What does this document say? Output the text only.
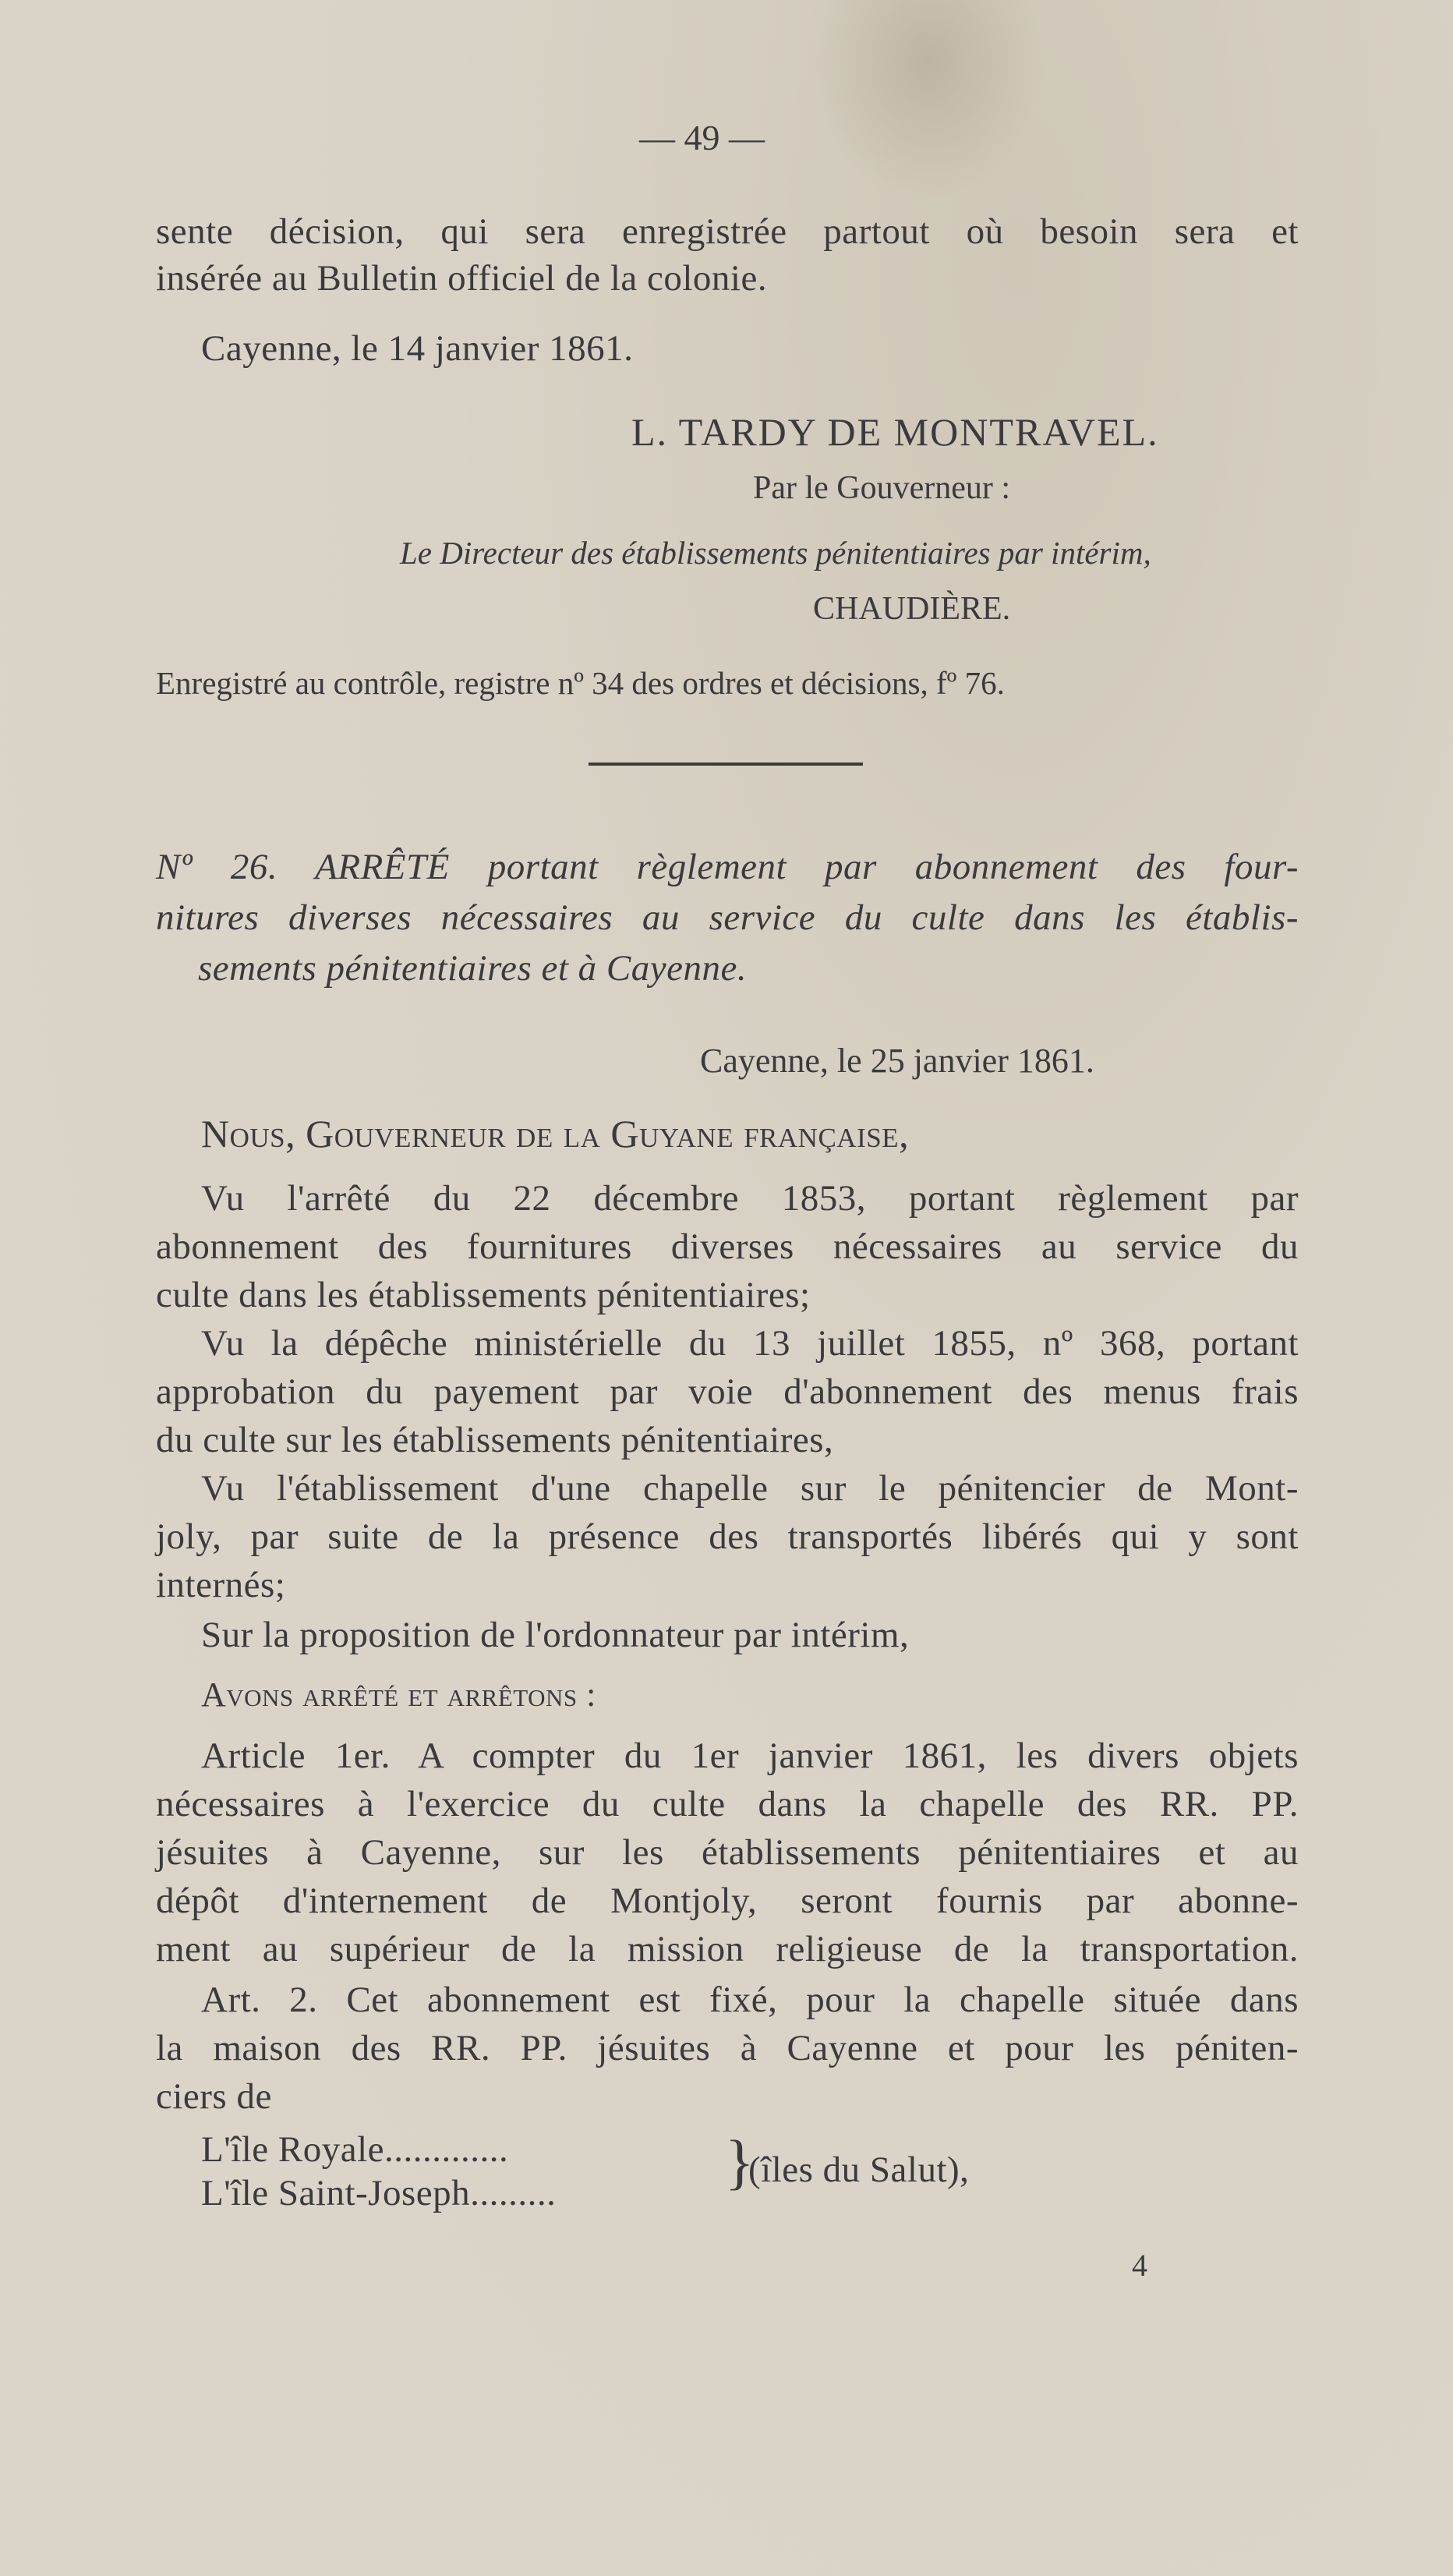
— 49 —
sente décision, qui sera enregistrée partout où besoin sera et
insérée au Bulletin officiel de la colonie.
Cayenne, le 14 janvier 1861.
L. TARDY DE MONTRAVEL.
Par le Gouverneur :
Le Directeur des établissements pénitentiaires par intérim,
CHAUDIÈRE.
Enregistré au contrôle, registre nº 34 des ordres et décisions, fº 76.
Nº 26. ARRÊTÉ portant règlement par abonnement des four-
nitures diverses nécessaires au service du culte dans les établis-
sements pénitentiaires et à Cayenne.
Cayenne, le 25 janvier 1861.
Nous, Gouverneur de la Guyane française,
Vu l'arrêté du 22 décembre 1853, portant règlement par
abonnement des fournitures diverses nécessaires au service du
culte dans les établissements pénitentiaires;
Vu la dépêche ministérielle du 13 juillet 1855, nº 368, portant
approbation du payement par voie d'abonnement des menus frais
du culte sur les établissements pénitentiaires,
Vu l'établissement d'une chapelle sur le pénitencier de Mont-
joly, par suite de la présence des transportés libérés qui y sont
internés;
Sur la proposition de l'ordonnateur par intérim,
Avons arrêté et arrêtons :
Article 1er. A compter du 1er janvier 1861, les divers objets
nécessaires à l'exercice du culte dans la chapelle des RR. PP.
jésuites à Cayenne, sur les établissements pénitentiaires et au
dépôt d'internement de Montjoly, seront fournis par abonne-
ment au supérieur de la mission religieuse de la transportation.
Art. 2. Cet abonnement est fixé, pour la chapelle située dans
la maison des RR. PP. jésuites à Cayenne et pour les péniten-
ciers de
L'île Royale.............
L'île Saint-Joseph.........	}
(îles du Salut),
4
